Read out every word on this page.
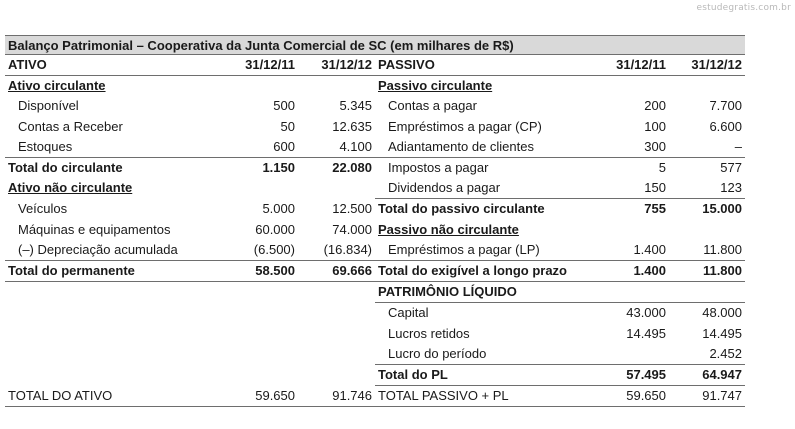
estudegratis.com.br
Balanço Patrimonial – Cooperativa da Junta Comercial de SC (em milhares de R$)
ATIVO	31/12/11	31/12/12	PASSIVO	31/12/11	31/12/12
Ativo circulante			Passivo circulante		
Disponível	500	5.345	Contas a pagar	200	7.700
Contas a Receber	50	12.635	Empréstimos a pagar (CP)	100	6.600
Estoques	600	4.100	Adiantamento de clientes	300	–
Total do circulante	1.150	22.080	Impostos a pagar	5	577
Ativo não circulante			Dividendos a pagar	150	123
Veículos	5.000	12.500	Total do passivo circulante	755	15.000
Máquinas e equipamentos	60.000	74.000	Passivo não circulante		
(–) Depreciação acumulada	(6.500)	(16.834)	Empréstimos a pagar (LP)	1.400	11.800
Total do permanente	58.500	69.666	Total do exigível a longo prazo	1.400	11.800
			PATRIMÔNIO LÍQUIDO		
			Capital	43.000	48.000
			Lucros retidos	14.495	14.495
			Lucro do período		2.452
			Total do PL	57.495	64.947
TOTAL DO ATIVO	59.650	91.746	TOTAL PASSIVO + PL	59.650	91.747
